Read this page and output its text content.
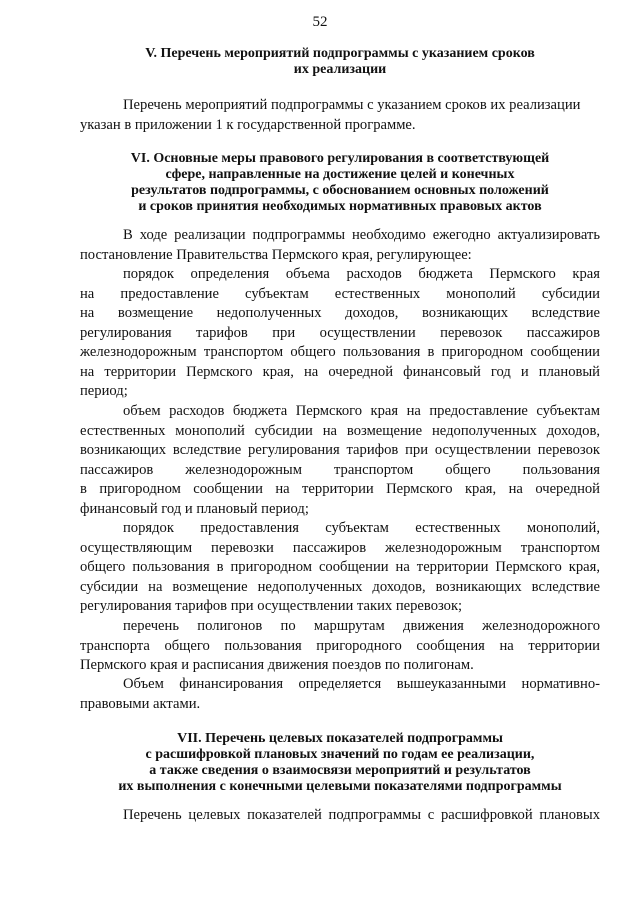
52
V. Перечень мероприятий подпрограммы с указанием сроков
их реализации
Перечень мероприятий подпрограммы с указанием сроков их реализации
указан в приложении 1 к государственной программе.
VI. Основные меры правового регулирования в соответствующей
сфере, направленные на достижение целей и конечных
результатов подпрограммы, с обоснованием основных положений
и сроков принятия необходимых нормативных правовых актов
В ходе реализации подпрограммы необходимо ежегодно актуализировать
постановление Правительства Пермского края, регулирующее:
порядок определения объема расходов бюджета Пермского края
на предоставление субъектам естественных монополий субсидии
на возмещение недополученных доходов, возникающих вследствие
регулирования тарифов при осуществлении перевозок пассажиров
железнодорожным транспортом общего пользования в пригородном сообщении
на территории Пермского края, на очередной финансовый год и плановый
период;
объем расходов бюджета Пермского края на предоставление субъектам
естественных монополий субсидии на возмещение недополученных доходов,
возникающих вследствие регулирования тарифов при осуществлении перевозок
пассажиров железнодорожным транспортом общего пользования
в пригородном сообщении на территории Пермского края, на очередной
финансовый год и плановый период;
порядок предоставления субъектам естественных монополий,
осуществляющим перевозки пассажиров железнодорожным транспортом
общего пользования в пригородном сообщении на территории Пермского края,
субсидии на возмещение недополученных доходов, возникающих вследствие
регулирования тарифов при осуществлении таких перевозок;
перечень полигонов по маршрутам движения железнодорожного
транспорта общего пользования пригородного сообщения на территории
Пермского края и расписания движения поездов по полигонам.
Объем финансирования определяется вышеуказанными нормативно-
правовыми актами.
VII. Перечень целевых показателей подпрограммы
с расшифровкой плановых значений по годам ее реализации,
а также сведения о взаимосвязи мероприятий и результатов
их выполнения с конечными целевыми показателями подпрограммы
Перечень целевых показателей подпрограммы с расшифровкой плановых
